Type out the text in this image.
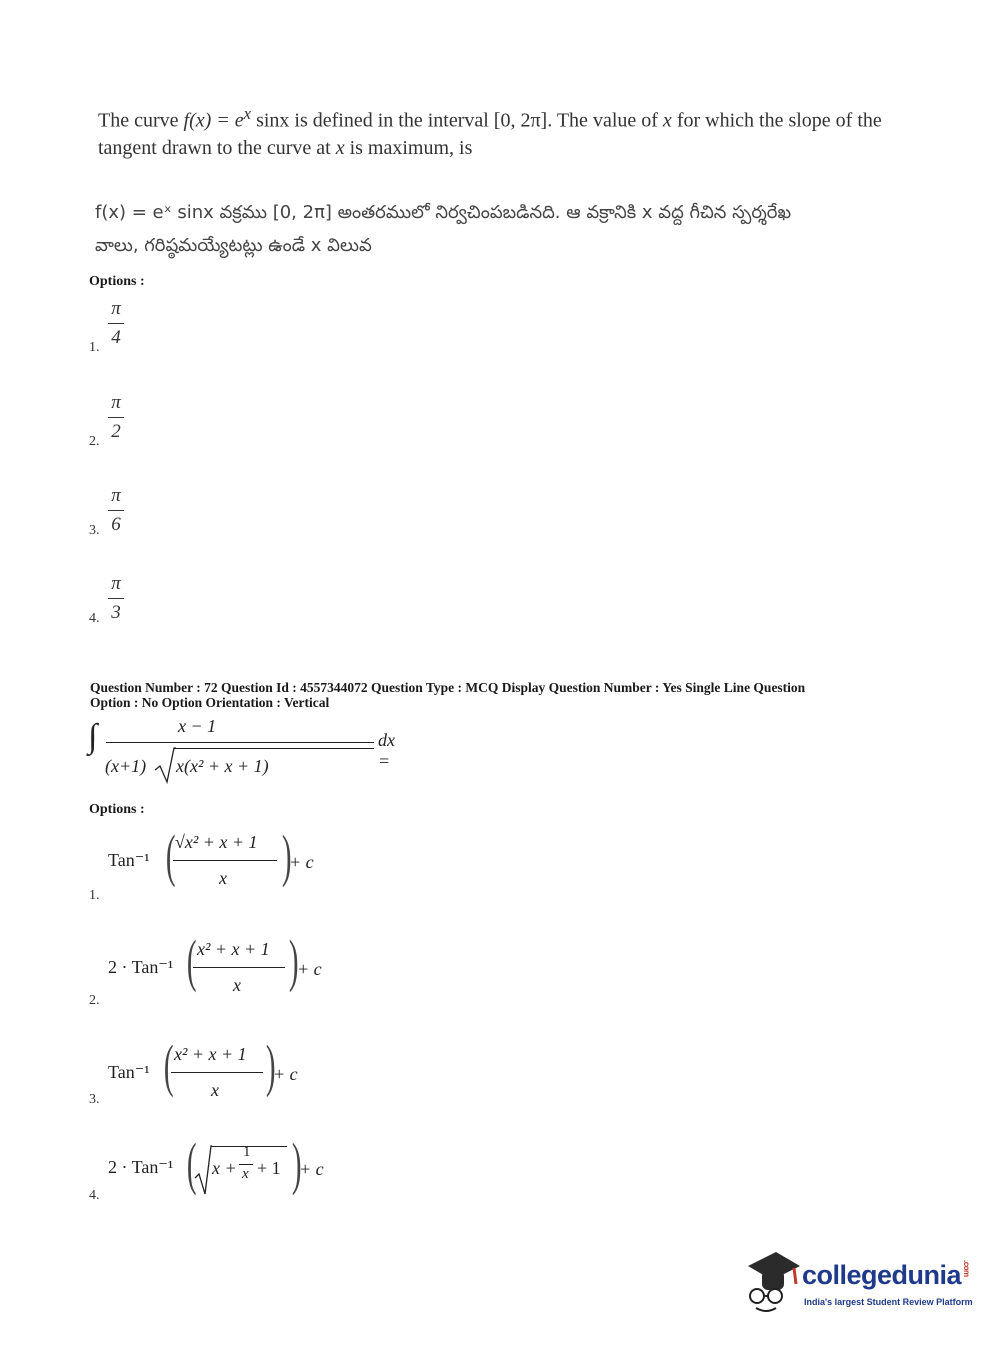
The curve $f(x) = e^x$ sinx is defined in the interval [0, 2π]. The value of x for which the slope of the tangent drawn to the curve at x is maximum, is
f(x) = eˣ sinx వక్రము [0, 2π] అంతరములో నిర్వచింపబడినది. ఆ వక్రానికి x వద్ద గీచిన స్పర్శరేఖ
వాలు, గరిష్ఠమయ్యేటట్లు ఉండే x విలువ
Options :
1.
π
4
2.
π
2
3.
π
6
4.
π
3
Question Number : 72 Question Id : 4557344072 Question Type : MCQ Display Question Number : Yes Single Line Question
Option : No Option Orientation : Vertical
∫	x − 1
(x+1) x(x² + x + 1)
dx =
Options :
1.
Tan⁻¹ ( √x² + x + 1
x )
+ c
2.
2 · Tan⁻¹ ( x² + x + 1
x )
+ c
3.
Tan⁻¹ ( x² + x + 1
x )
+ c
4.
2 · Tan⁻¹ ( x +
1
x + 1 )
+ c
collegedunia.com
India's largest Student Review Platform
